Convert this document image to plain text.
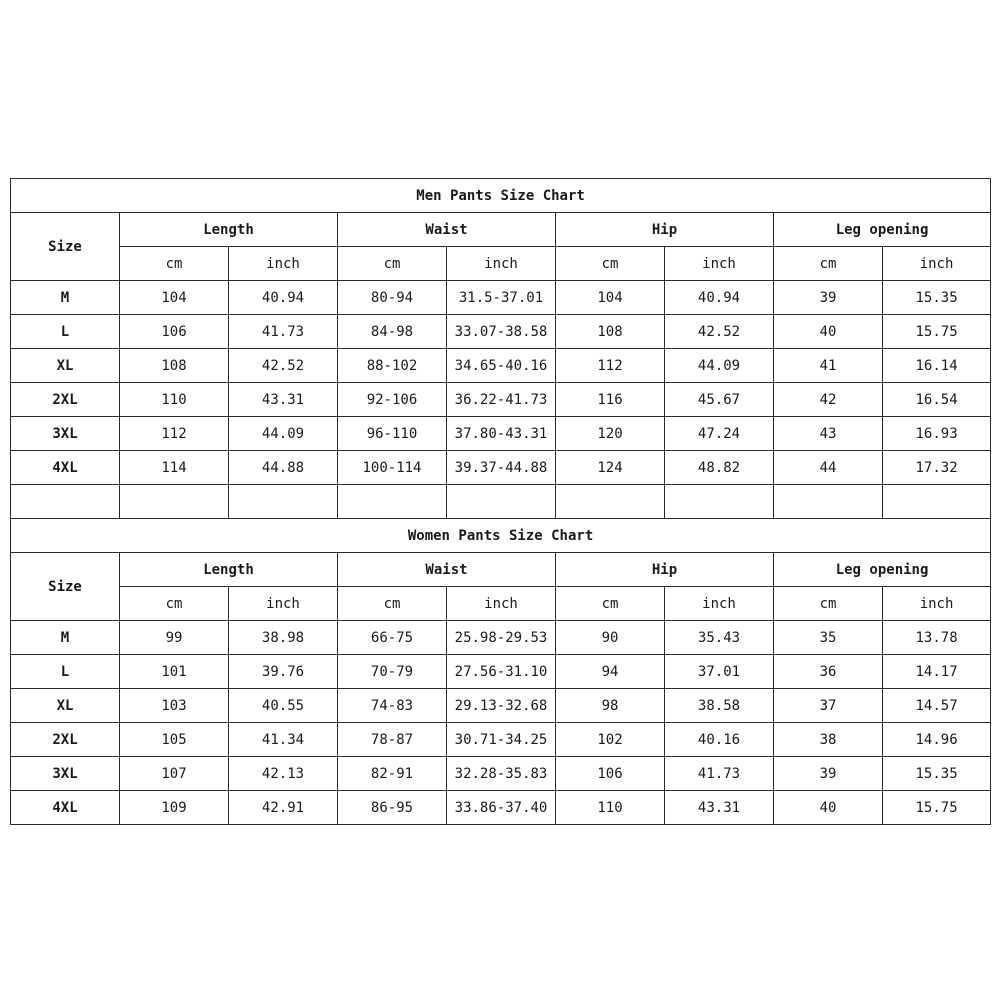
Men Pants Size Chart								
Size	Length		Waist		Hip		Leg opening	
	cm	inch	cm	inch	cm	inch	cm	inch
M	104	40.94	80-94	31.5-37.01	104	40.94	39	15.35
L	106	41.73	84-98	33.07-38.58	108	42.52	40	15.75
XL	108	42.52	88-102	34.65-40.16	112	44.09	41	16.14
2XL	110	43.31	92-106	36.22-41.73	116	45.67	42	16.54
3XL	112	44.09	96-110	37.80-43.31	120	47.24	43	16.93
4XL	114	44.88	100-114	39.37-44.88	124	48.82	44	17.32

Women Pants Size Chart								
Size	Length		Waist		Hip		Leg opening	
	cm	inch	cm	inch	cm	inch	cm	inch
M	99	38.98	66-75	25.98-29.53	90	35.43	35	13.78
L	101	39.76	70-79	27.56-31.10	94	37.01	36	14.17
XL	103	40.55	74-83	29.13-32.68	98	38.58	37	14.57
2XL	105	41.34	78-87	30.71-34.25	102	40.16	38	14.96
3XL	107	42.13	82-91	32.28-35.83	106	41.73	39	15.35
4XL	109	42.91	86-95	33.86-37.40	110	43.31	40	15.75
